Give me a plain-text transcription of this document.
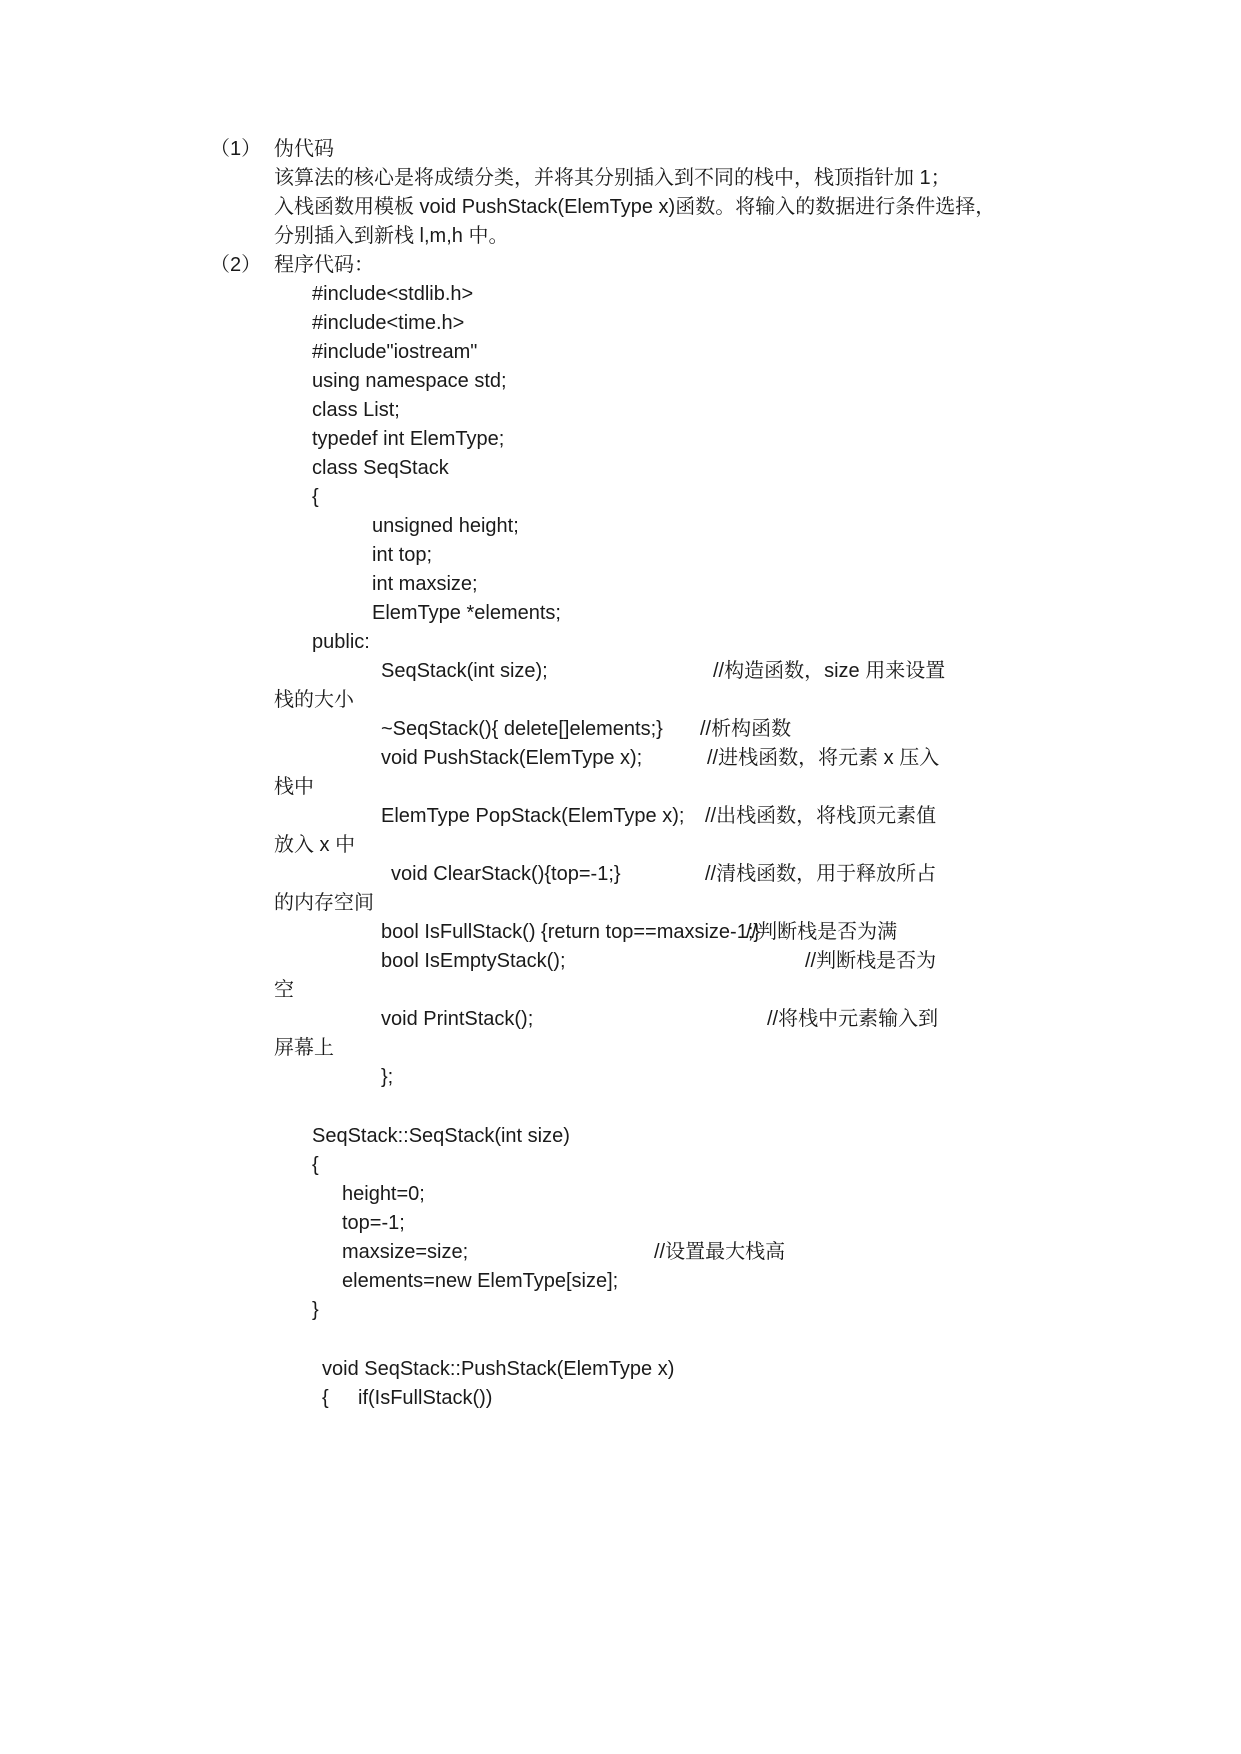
（1） 伪代码
该算法的核心是将成绩分类，并将其分别插入到不同的栈中，栈顶指针加 1；
入栈函数用模板 void PushStack(ElemType x)函数。将输入的数据进行条件选择，
分别插入到新栈 l,m,h 中。
（2） 程序代码：
#include<stdlib.h>
#include<time.h>
#include"iostream"
using namespace std;
class List;
typedef int ElemType;
class SeqStack
{
unsigned height;
int top;
int maxsize;
ElemType *elements;
public:
SeqStack(int size);	//构造函数，size 用来设置
栈的大小
~SeqStack(){ delete[]elements;} //析构函数
void PushStack(ElemType x);	//进栈函数，将元素 x 压入
栈中
ElemType PopStack(ElemType x); //出栈函数，将栈顶元素值
放入 x 中
void ClearStack(){top=-1;}	//清栈函数，用于释放所占
的内存空间
bool IsFullStack() {return top==maxsize-1;}
//判断栈是否为满
bool IsEmptyStack();	//判断栈是否为
空
void PrintStack();	//将栈中元素输入到
屏幕上
};
SeqStack::SeqStack(int size)
{
height=0;
top=-1;
maxsize=size;	//设置最大栈高
elements=new ElemType[size];
}
void SeqStack::PushStack(ElemType x)
{ if(IsFullStack())
